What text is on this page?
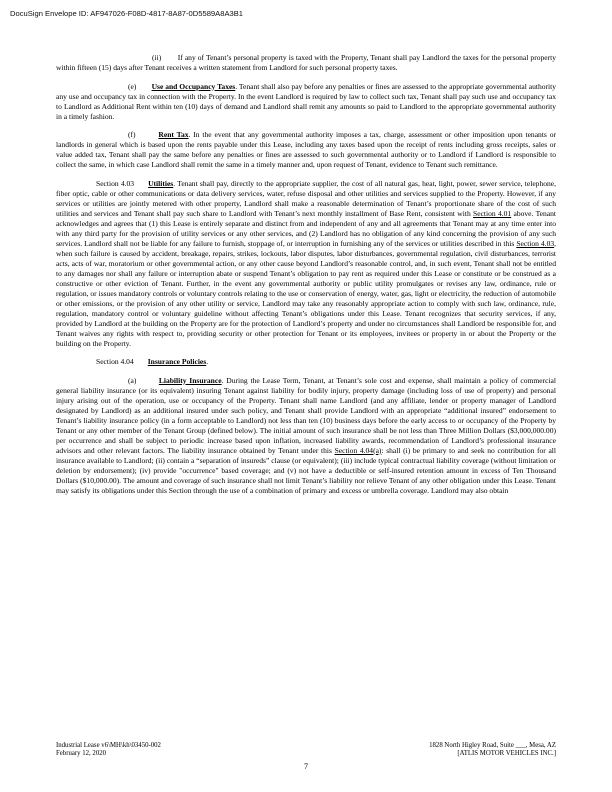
DocuSign Envelope ID: AF947026-F08D-4817-8A87-0D5589A8A3B1

(ii) If any of Tenant’s personal property is taxed with the Property, Tenant shall pay Landlord the taxes for the personal property within fifteen (15) days after Tenant receives a written statement from Landlord for such personal property taxes.

(e) Use and Occupancy Taxes. Tenant shall also pay before any penalties or fines are assessed to the appropriate governmental authority any use and occupancy tax in connection with the Property. In the event Landlord is required by law to collect such tax, Tenant shall pay such use and occupancy tax to Landlord as Additional Rent within ten (10) days of demand and Landlord shall remit any amounts so paid to Landlord to the appropriate governmental authority in a timely fashion.

(f)	Rent Tax. In the event that any governmental authority imposes a tax, charge, assessment or other imposition upon tenants or landlords in general which is based upon the rents payable under this Lease, including any taxes based upon the receipt of rents including gross receipts, sales or value added tax, Tenant shall pay the same before any penalties or fines are assessed to such governmental authority or to Landlord if Landlord is responsible to collect the same, in which case Landlord shall remit the same in a timely manner and, upon request of Tenant, evidence to Tenant such remittance.

Section 4.03 Utilities. Tenant shall pay, directly to the appropriate supplier, the cost of all natural gas, heat, light, power, sewer service, telephone, fiber optic, cable or other communications or data delivery services, water, refuse disposal and other utilities and services supplied to the Property. However, if any services or utilities are jointly metered with other property, Landlord shall make a reasonable determination of Tenant’s proportionate share of the cost of such utilities and services and Tenant shall pay such share to Landlord with Tenant’s next monthly installment of Base Rent, consistent with Section 4.01 above. Tenant acknowledges and agrees that (1) this Lease is entirely separate and distinct from and independent of any and all agreements that Tenant may at any time enter into with any third party for the provision of utility services or any other services, and (2) Landlord has no obligation of any kind concerning the provision of any such services. Landlord shall not be liable for any failure to furnish, stoppage of, or interruption in furnishing any of the services or utilities described in this Section 4.03, when such failure is caused by accident, breakage, repairs, strikes, lockouts, labor disputes, labor disturbances, governmental regulation, civil disturbances, terrorist acts, acts of war, moratorium or other governmental action, or any other cause beyond Landlord’s reasonable control, and, in such event, Tenant shall not be entitled to any damages nor shall any failure or interruption abate or suspend Tenant’s obligation to pay rent as required under this Lease or constitute or be construed as a constructive or other eviction of Tenant. Further, in the event any governmental authority or public utility promulgates or revises any law, ordinance, rule or regulation, or issues mandatory controls or voluntary controls relating to the use or conservation of energy, water, gas, light or electricity, the reduction of automobile or other emissions, or the provision of any other utility or service, Landlord may take any reasonably appropriate action to comply with such law, ordinance, rule, regulation, mandatory control or voluntary guideline without affecting Tenant’s obligations under this Lease. Tenant recognizes that security services, if any, provided by Landlord at the building on the Property are for the protection of Landlord’s property and under no circumstances shall Landlord be responsible for, and Tenant waives any rights with respect to, providing security or other protection for Tenant or its employees, invitees or property in or about the Property or the building on the Property.

Section 4.04 Insurance Policies.

(a)	Liability Insurance. During the Lease Term, Tenant, at Tenant’s sole cost and expense, shall maintain a policy of commercial general liability insurance (or its equivalent) insuring Tenant against liability for bodily injury, property damage (including loss of use of property) and personal injury arising out of the operation, use or occupancy of the Property. Tenant shall name Landlord (and any affiliate, lender or property manager of Landlord designated by Landlord) as an additional insured under such policy, and Tenant shall provide Landlord with an appropriate “additional insured” endorsement to Tenant’s liability insurance policy (in a form acceptable to Landlord) not less than ten (10) business days before the early access to or occupancy of the Property by Tenant or any other member of the Tenant Group (defined below). The initial amount of such insurance shall be not less than Three Million Dollars ($3,000,000.00) per occurrence and shall be subject to periodic increase based upon inflation, increased liability awards, recommendation of Landlord’s professional insurance advisors and other relevant factors. The liability insurance obtained by Tenant under this Section 4.04(a): shall (i) be primary to and seek no contribution for all insurance available to Landlord; (ii) contain a “separation of insureds” clause (or equivalent); (iii) include typical contractual liability coverage (without limitation or deletion by endorsement); (iv) provide "occurrence" based coverage; and (v) not have a deductible or self-insured retention amount in excess of Ten Thousand Dollars ($10,000.00). The amount and coverage of such insurance shall not limit Tenant’s liability nor relieve Tenant of any other obligation under this Lease. Tenant may satisfy its obligations under this Section through the use of a combination of primary and excess or umbrella coverage. Landlord may also obtain

Industrial Lease v6\MH\kh\03450-002
February 12, 2020
1828 North Higley Road, Suite ___, Mesa, AZ
[ATLIS MOTOR VEHICLES INC.]
7
